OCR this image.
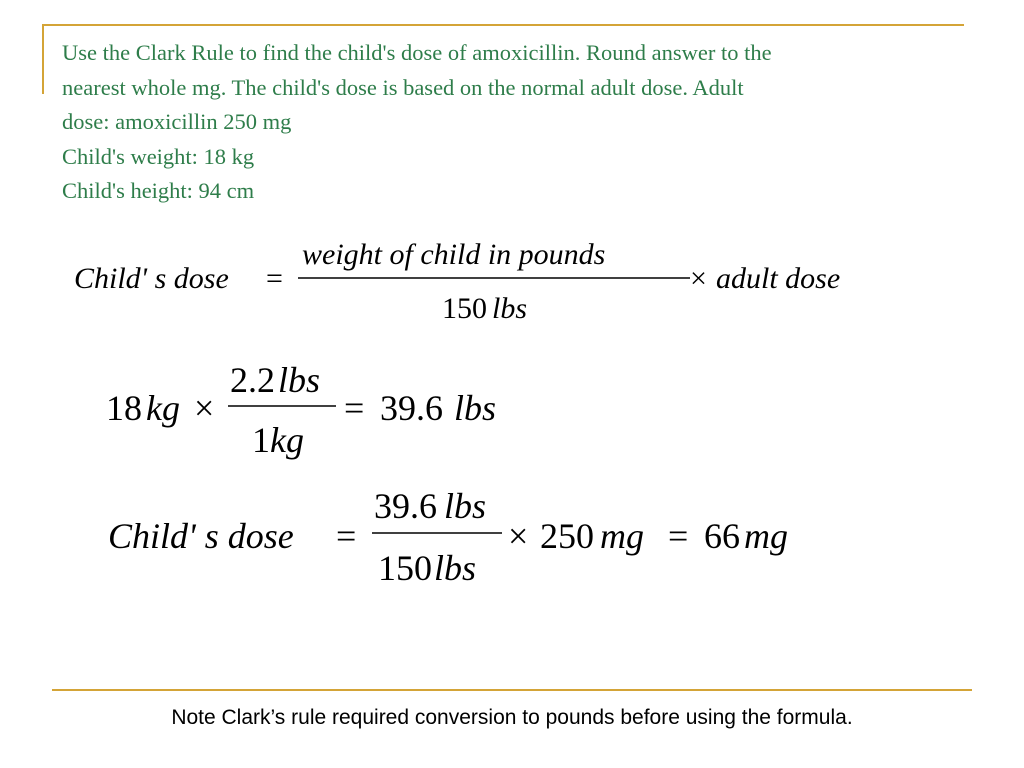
Use the Clark Rule to find the child's dose of amoxicillin. Round answer to the
nearest whole mg. The child's dose is based on the normal adult dose. Adult
dose: amoxicillin 250 mg
Child's weight: 18 kg
Child's height: 94 cm
Child' s dose =
weight of child in pounds
150 lbs
× adult dose
18 kg ×
2.2 lbs
1 kg
= 39.6 lbs
Child' s dose =
39.6 lbs
150 lbs
× 250 mg = 66 mg
Note Clark’s rule required conversion to pounds before using the formula.
